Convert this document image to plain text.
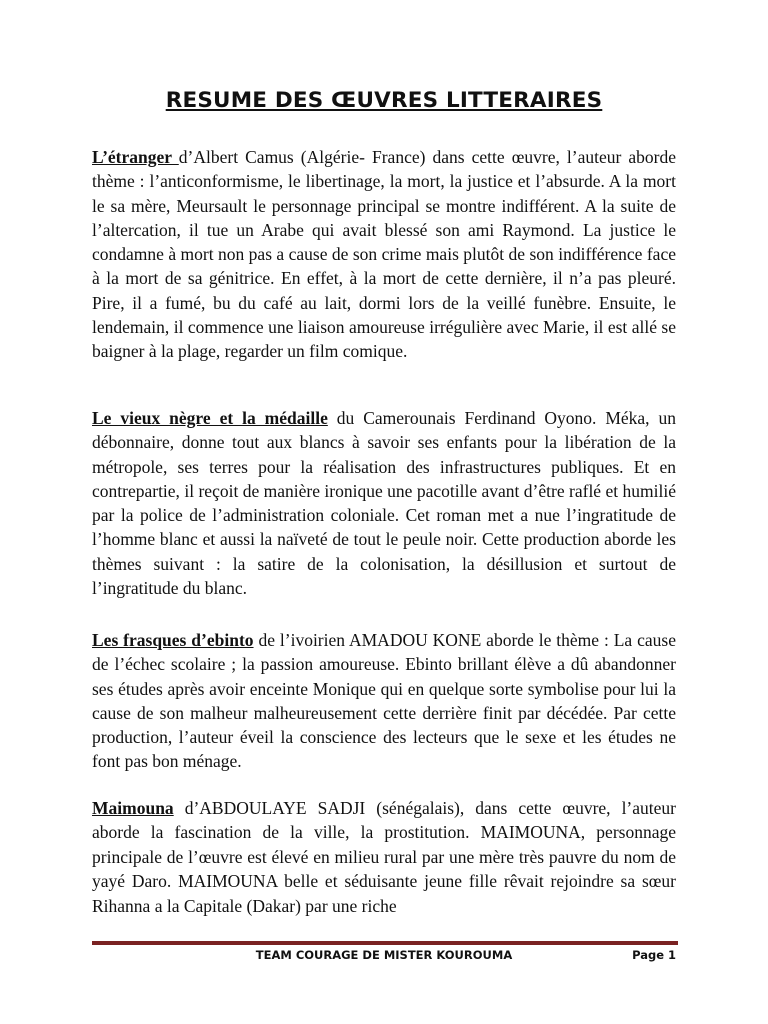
RESUME DES ŒUVRES LITTERAIRES

L’étranger d’Albert Camus (Algérie- France) dans cette œuvre, l’auteur aborde thème : l’anticonformisme, le libertinage, la mort, la justice et l’absurde. A la mort le sa mère, Meursault le personnage principal se montre indifférent. A la suite de l’altercation, il tue un Arabe qui avait blessé son ami Raymond. La justice le condamne à mort non pas a cause de son crime mais plutôt de son indifférence face à la mort de sa génitrice. En effet, à la mort de cette dernière, il n’a pas pleuré. Pire, il a fumé, bu du café au lait, dormi lors de la veillé funèbre. Ensuite, le lendemain, il commence une liaison amoureuse irrégulière avec Marie, il est allé se baigner à la plage, regarder un film comique.

Le vieux nègre et la médaille du Camerounais Ferdinand Oyono. Méka, un débonnaire, donne tout aux blancs à savoir ses enfants pour la libération de la métropole, ses terres pour la réalisation des infrastructures publiques. Et en contrepartie, il reçoit de manière ironique une pacotille avant d’être raflé et humilié par la police de l’administration coloniale. Cet roman met a nue l’ingratitude de l’homme blanc et aussi la naïveté de tout le peule noir. Cette production aborde les thèmes suivant : la satire de la colonisation, la désillusion et surtout de l’ingratitude du blanc.

Les frasques d’ebinto de l’ivoirien AMADOU KONE aborde le thème : La cause de l’échec scolaire ; la passion amoureuse. Ebinto brillant élève a dû abandonner ses études après avoir enceinte Monique qui en quelque sorte symbolise pour lui la cause de son malheur malheureusement cette derrière finit par décédée. Par cette production, l’auteur éveil la conscience des lecteurs que le sexe et les études ne font pas bon ménage.

Maimouna d’ABDOULAYE SADJI (sénégalais), dans cette œuvre, l’auteur aborde la fascination de la ville, la prostitution. MAIMOUNA, personnage principale de l’œuvre est élevé en milieu rural par une mère très pauvre du nom de yayé Daro. MAIMOUNA belle et séduisante jeune fille rêvait rejoindre sa sœur Rihanna a la Capitale (Dakar) par une riche

TEAM COURAGE DE MISTER KOUROUMA	Page 1
